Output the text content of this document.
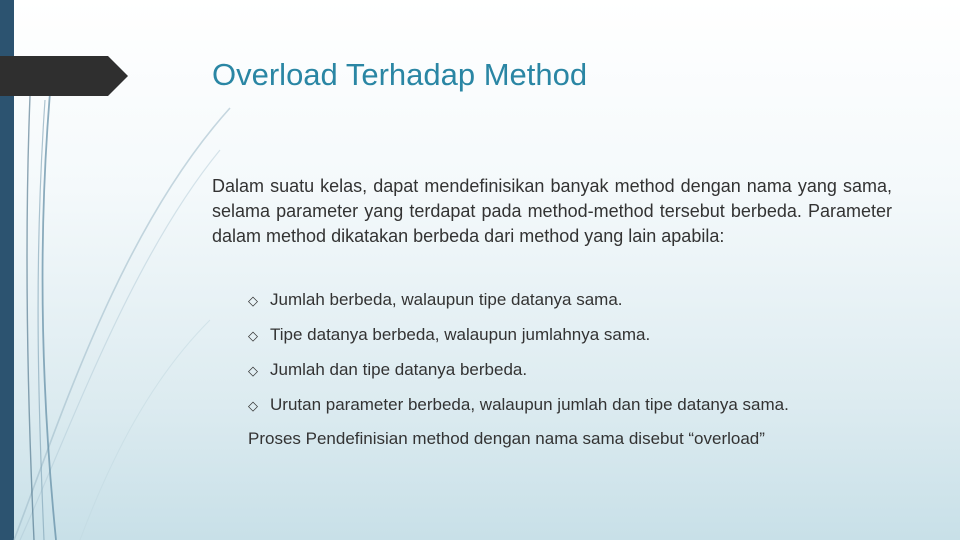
Overload Terhadap Method

Dalam suatu kelas, dapat mendefinisikan banyak method dengan nama yang sama, selama parameter yang terdapat pada method-method tersebut berbeda. Parameter dalam method dikatakan berbeda dari method yang lain apabila:

◇ Jumlah berbeda, walaupun tipe datanya sama.
◇ Tipe datanya berbeda, walaupun jumlahnya sama.
◇ Jumlah dan tipe datanya berbeda.
◇ Urutan parameter berbeda, walaupun jumlah dan tipe datanya sama.
Proses Pendefinisian method dengan nama sama disebut “overload”
